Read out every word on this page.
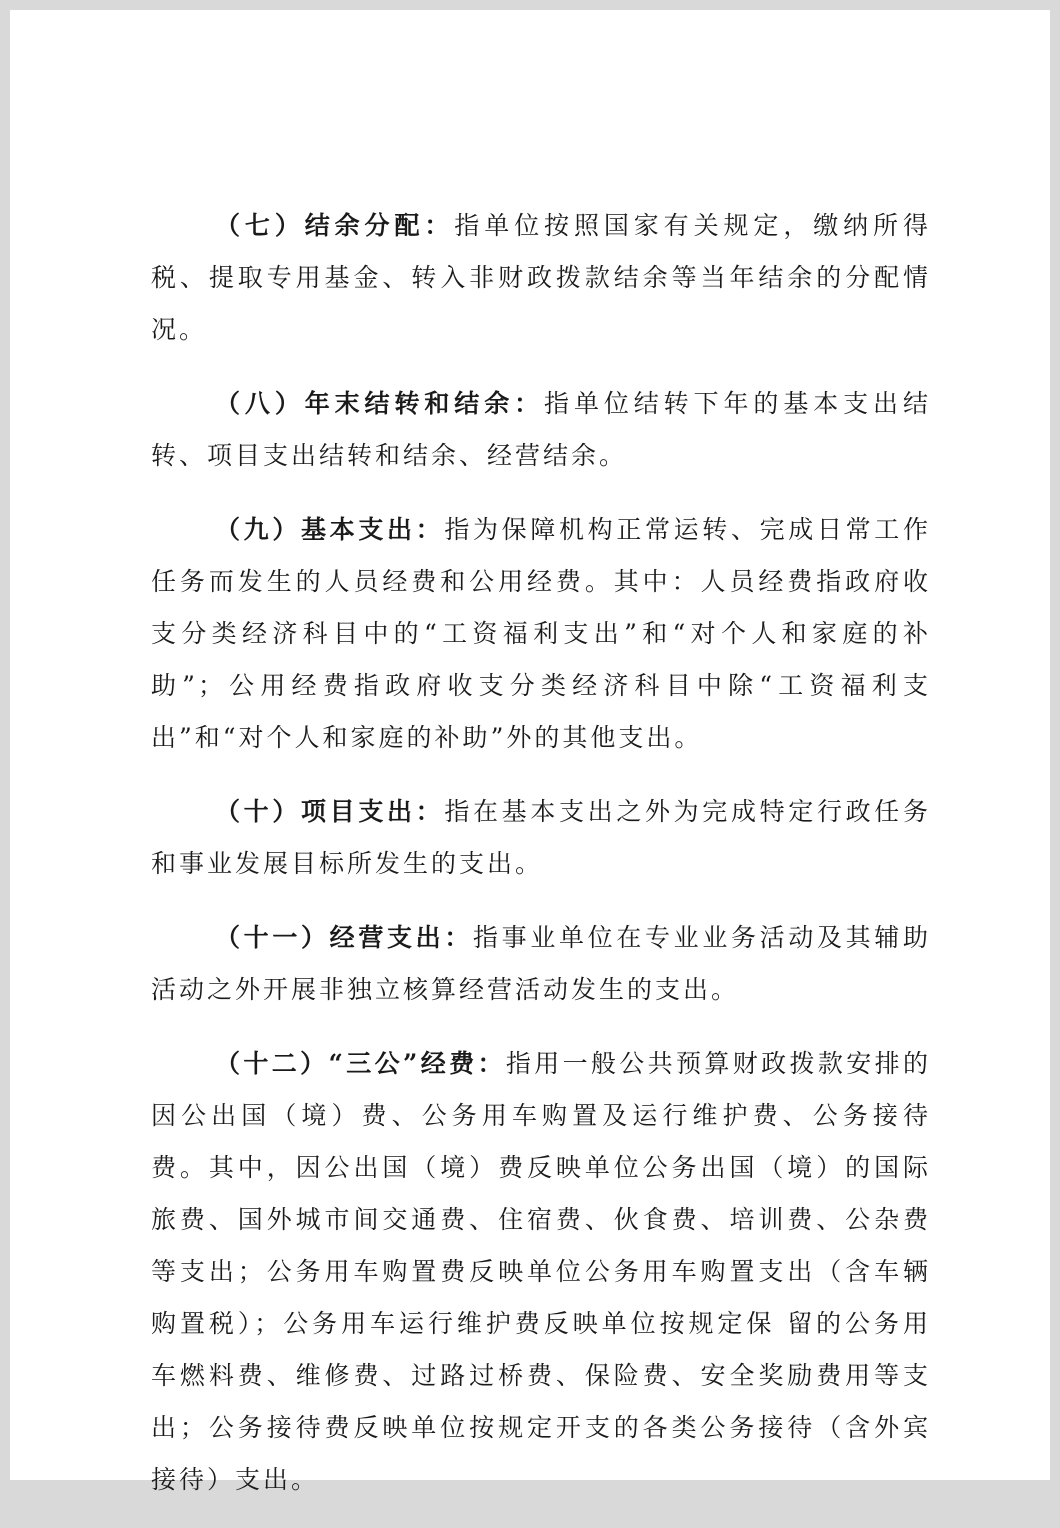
（七）结余分配：指单位按照国家有关规定，缴纳所得税、提取专用基金、转入非财政拨款结余等当年结余的分配情况。

（八）年末结转和结余：指单位结转下年的基本支出结转、项目支出结转和结余、经营结余。

（九）基本支出：指为保障机构正常运转、完成日常工作任务而发生的人员经费和公用经费。其中：人员经费指政府收支分类经济科目中的“工资福利支出”和“对个人和家庭的补助”；公用经费指政府收支分类经济科目中除“工资福利支出”和“对个人和家庭的补助”外的其他支出。

（十）项目支出：指在基本支出之外为完成特定行政任务和事业发展目标所发生的支出。

（十一）经营支出：指事业单位在专业业务活动及其辅助活动之外开展非独立核算经营活动发生的支出。

（十二）“三公”经费：指用一般公共预算财政拨款安排的因公出国（境）费、公务用车购置及运行维护费、公务接待费。其中，因公出国（境）费反映单位公务出国（境）的国际旅费、国外城市间交通费、住宿费、伙食费、培训费、公杂费等支出；公务用车购置费反映单位公务用车购置支出（含车辆购置税）；公务用车运行维护费反映单位按规定保 留的公务用车燃料费、维修费、过路过桥费、保险费、安全奖励费用等支出；公务接待费反映单位按规定开支的各类公务接待（含外宾接待）支出。
